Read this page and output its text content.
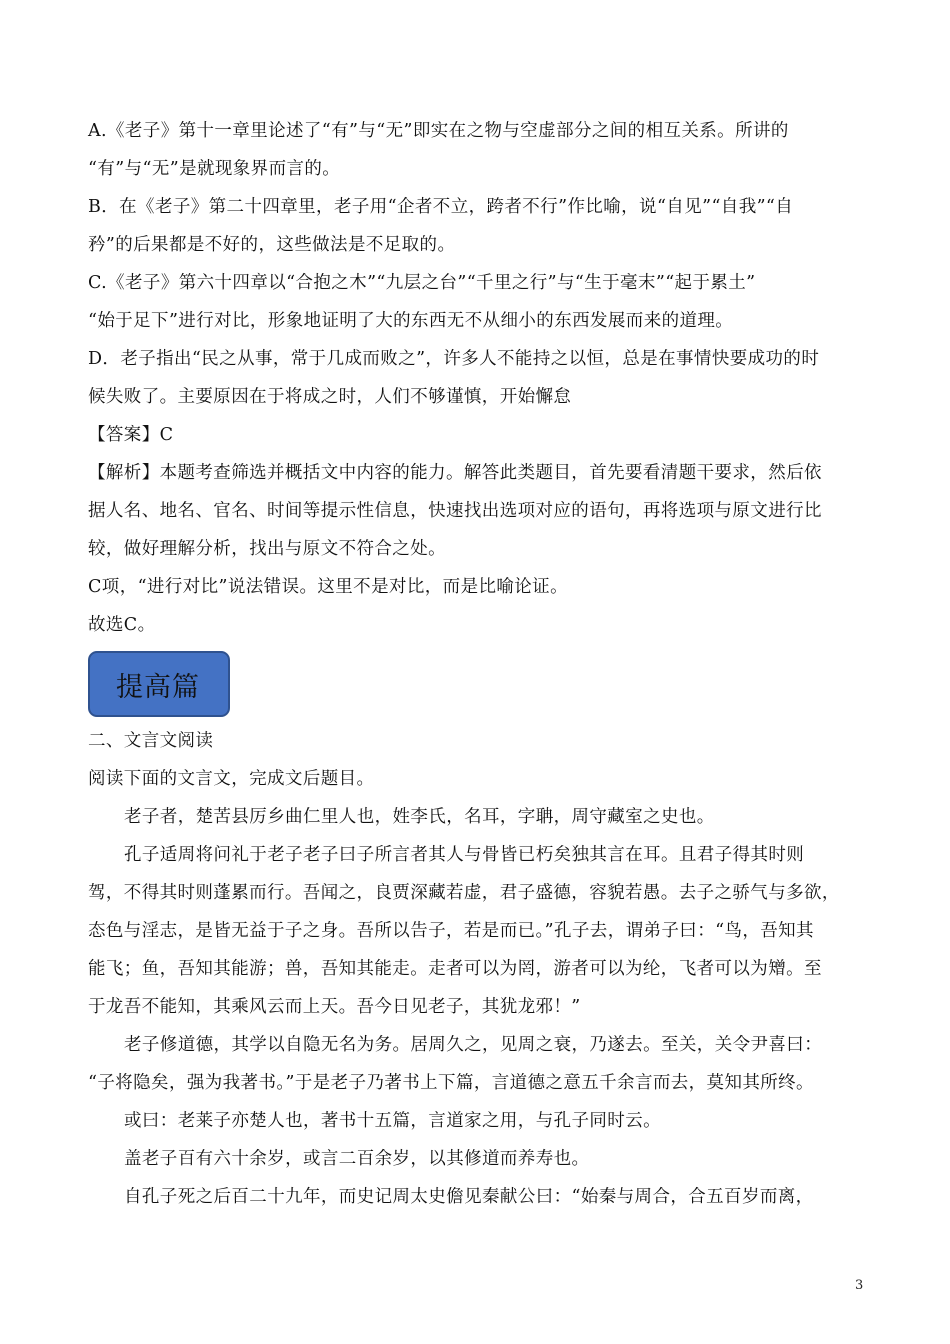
A.《老子》第十一章里论述了“有”与“无”即实在之物与空虚部分之间的相互关系。所讲的
“有”与“无”是就现象界而言的。
B．在《老子》第二十四章里，老子用“企者不立，跨者不行”作比喻，说“自见”“自我”“自
矜”的后果都是不好的，这些做法是不足取的。
C.《老子》第六十四章以“合抱之木”“九层之台”“千里之行”与“生于毫末”“起于累土”
“始于足下”进行对比，形象地证明了大的东西无不从细小的东西发展而来的道理。
D．老子指出“民之从事，常于几成而败之”，许多人不能持之以恒，总是在事情快要成功的时
候失败了。主要原因在于将成之时，人们不够谨慎，开始懈怠
【答案】C
【解析】本题考查筛选并概括文中内容的能力。解答此类题目，首先要看清题干要求，然后依
据人名、地名、官名、时间等提示性信息，快速找出选项对应的语句，再将选项与原文进行比
较，做好理解分析，找出与原文不符合之处。
C项，“进行对比”说法错误。这里不是对比，而是比喻论证。
故选C。
提高篇
二、文言文阅读
阅读下面的文言文，完成文后题目。
老子者，楚苦县厉乡曲仁里人也，姓李氏，名耳，字聃，周守藏室之史也。
孔子适周将问礼于老子老子曰子所言者其人与骨皆已朽矣独其言在耳。且君子得其时则
驾，不得其时则蓬累而行。吾闻之，良贾深藏若虚，君子盛德，容貌若愚。去子之骄气与多欲，
态色与淫志，是皆无益于子之身。吾所以告子，若是而已。”孔子去，谓弟子曰：“鸟，吾知其
能飞；鱼，吾知其能游；兽，吾知其能走。走者可以为罔，游者可以为纶，飞者可以为矰。至
于龙吾不能知，其乘风云而上天。吾今日见老子，其犹龙邪！”
老子修道德，其学以自隐无名为务。居周久之，见周之衰，乃遂去。至关，关令尹喜曰：
“子将隐矣，强为我著书。”于是老子乃著书上下篇，言道德之意五千余言而去，莫知其所终。
或曰：老莱子亦楚人也，著书十五篇，言道家之用，与孔子同时云。
盖老子百有六十余岁，或言二百余岁，以其修道而养寿也。
自孔子死之后百二十九年，而史记周太史儋见秦献公曰：“始秦与周合，合五百岁而离，
3
